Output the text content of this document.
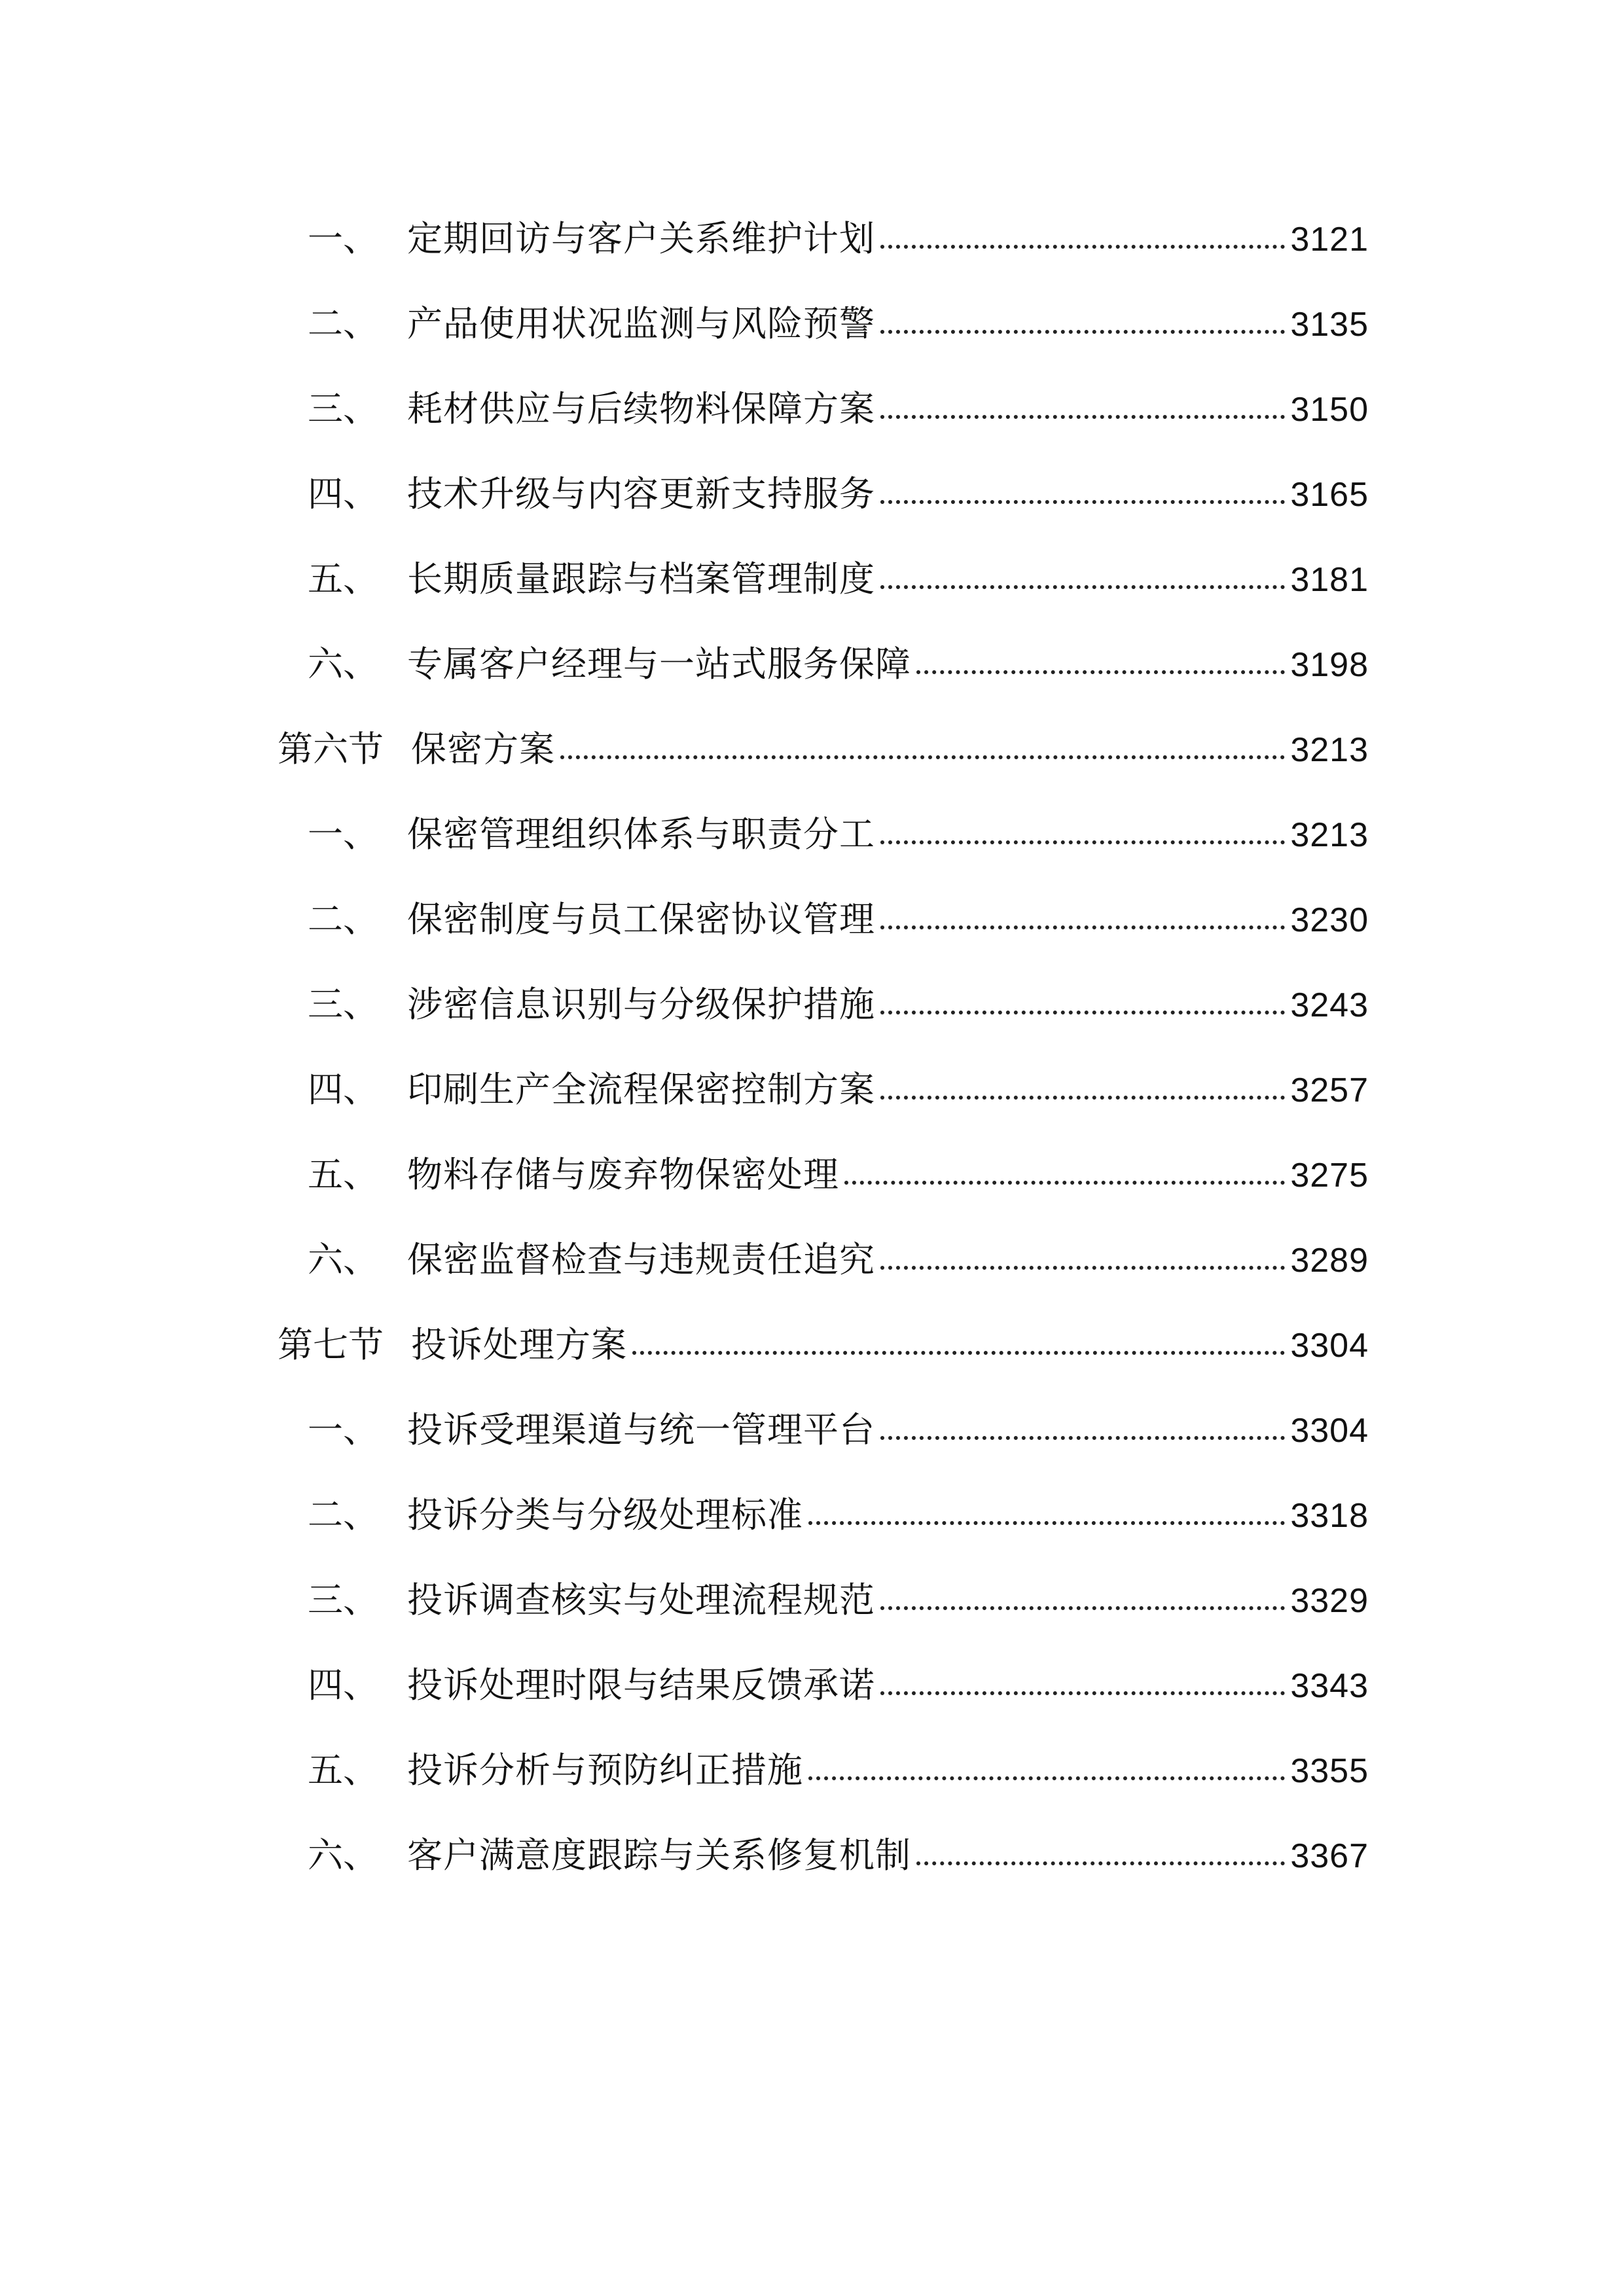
一、 定期回访与客户关系维护计划	3121
二、 产品使用状况监测与风险预警	3135
三、 耗材供应与后续物料保障方案	3150
四、 技术升级与内容更新支持服务	3165
五、 长期质量跟踪与档案管理制度	3181
六、 专属客户经理与一站式服务保障	3198
第六节 保密方案	3213
一、 保密管理组织体系与职责分工	3213
二、 保密制度与员工保密协议管理	3230
三、 涉密信息识别与分级保护措施	3243
四、 印刷生产全流程保密控制方案	3257
五、 物料存储与废弃物保密处理	3275
六、 保密监督检查与违规责任追究	3289
第七节 投诉处理方案	3304
一、 投诉受理渠道与统一管理平台	3304
二、 投诉分类与分级处理标准	3318
三、 投诉调查核实与处理流程规范	3329
四、 投诉处理时限与结果反馈承诺	3343
五、 投诉分析与预防纠正措施	3355
六、 客户满意度跟踪与关系修复机制	3367
